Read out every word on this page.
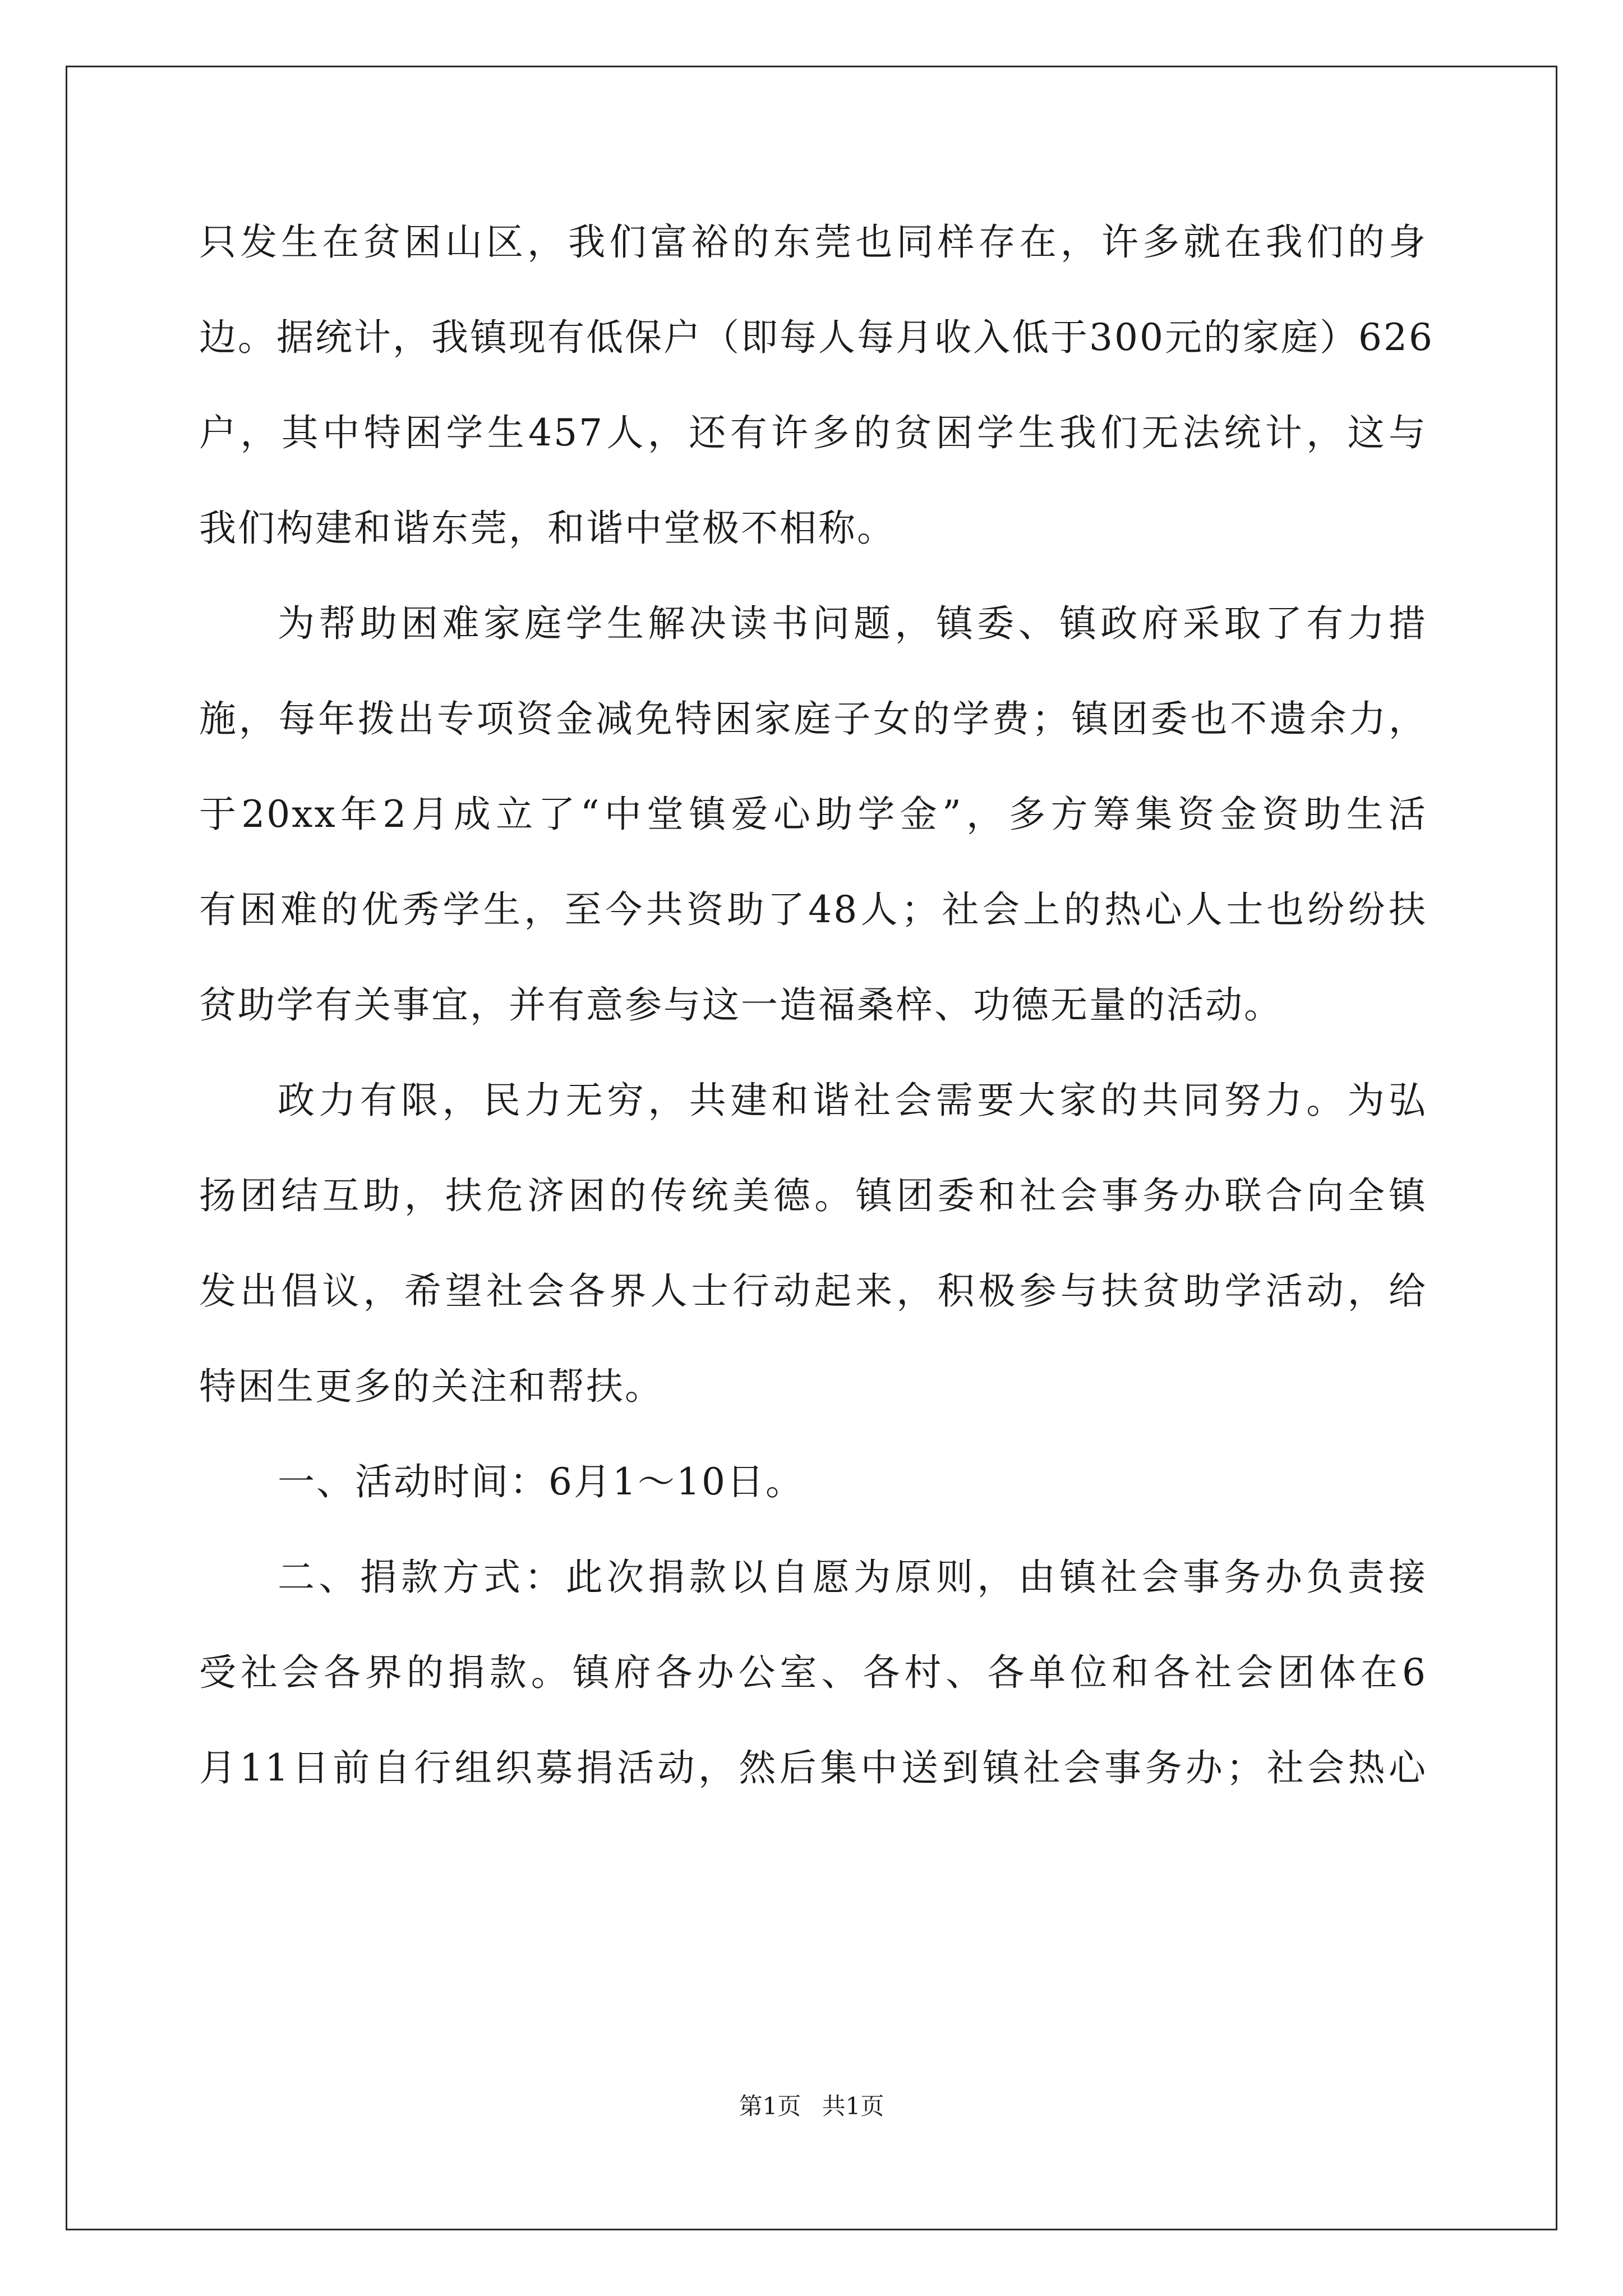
只发生在贫困山区，我们富裕的东莞也同样存在，许多就在我们的身
边。据统计，我镇现有低保户（即每人每月收入低于300元的家庭）626
户，其中特困学生457人，还有许多的贫困学生我们无法统计，这与
我们构建和谐东莞，和谐中堂极不相称。
为帮助困难家庭学生解决读书问题，镇委、镇政府采取了有力措
施，每年拨出专项资金减免特困家庭子女的学费；镇团委也不遗余力，
于20xx年2月成立了“中堂镇爱心助学金”，多方筹集资金资助生活
有困难的优秀学生，至今共资助了48人；社会上的热心人士也纷纷扶
贫助学有关事宜，并有意参与这一造福桑梓、功德无量的活动。
政力有限，民力无穷，共建和谐社会需要大家的共同努力。为弘
扬团结互助，扶危济困的传统美德。镇团委和社会事务办联合向全镇
发出倡议，希望社会各界人士行动起来，积极参与扶贫助学活动，给
特困生更多的关注和帮扶。
一、活动时间：6月1～10日。
二、捐款方式：此次捐款以自愿为原则，由镇社会事务办负责接
受社会各界的捐款。镇府各办公室、各村、各单位和各社会团体在6
月11日前自行组织募捐活动，然后集中送到镇社会事务办；社会热心
第1页 共1页
